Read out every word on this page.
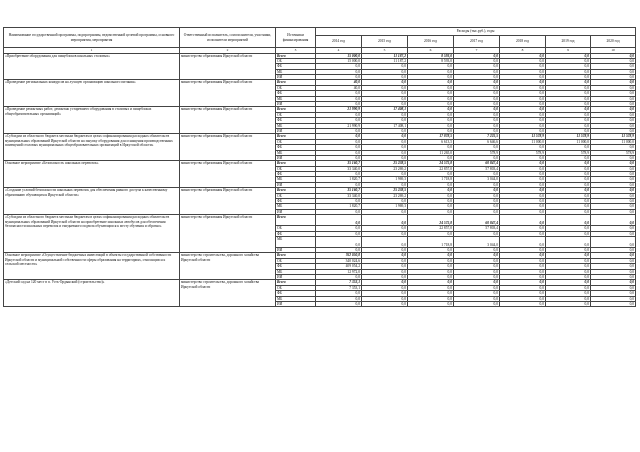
Наименование государственной программы, подпрограммы, ведомственной целевой программы, основного мероприятия, мероприятия	Ответственный исполнитель, соисполнители, участники, исполнители мероприятий	Источники финансирования	Расходы (тыс.руб.), годы						
			2014 год	2015 год	2016 год	2017 год	2018 год	2019 год	2020 год
1	2	3	4	5	6	7	8	9	10
«Приобретение оборудования для пищеблоков школьных столовых»	министерство образования Иркутской области	Всего	15 000,0	11 187,2	8 593,0	0,0	0,0	0,0	0,0
		ОБ	15 000,0	11 187,2	8 593,0	0,0	0,0	0,0	0,0
		ФБ	0,0	0,0	0,0	0,0	0,0	0,0	0,0
		МБ	0,0	0,0	0,0	0,0	0,0	0,0	0,0
		ИИ	0,0	0,0	0,0	0,0	0,0	0,0	0,0
«Проведение региональных конкурсов на лучшую организацию школьного питания»	министерство образования Иркутской области	Всего	40,0	0,0	0,0	0,0	0,0	0,0	0,0
		ОБ	40,0	0,0	0,0	0,0	0,0	0,0	0,0
		ФБ	0,0	0,0	0,0	0,0	0,0	0,0	0,0
		МБ	0,0	0,0	0,0	0,0	0,0	0,0	0,0
		ИИ	0,0	0,0	0,0	0,0	0,0	0,0	0,0
«Проведение ремонтных работ, демонтаж устаревшего оборудования в столовых и пищеблоках общеобразовательных организаций»	министерство образования Иркутской области	Всего	21 990,9	17 408,1	0,0	0,0	0,0	0,0	0,0
		ОБ	0,0	0,0	0,0	0,0	0,0	0,0	0,0
		ФБ	0,0	0,0	0,0	0,0	0,0	0,0	0,0
		МБ	21 990,9	17 408,1	0,0	0,0	0,0	0,0	0,0
		ИИ	0,0	0,0	0,0	0,0	0,0	0,0	0,0
«Субсидии из областного бюджета местным бюджетам в целях софинансирования расходных обязательств муниципальных образований Иркутской области на закупку оборудования для оснащения производственных помещений столовых муниципальных общеобразовательных организаций в Иркутской области»	министерство образования Иркутской области	Всего	0,0	0,0	17 878,5	7 225,5	11 578,9	11 578,9	11 578,9
		ОБ	0,0	0,0	6 613,5	6 646,6	11 000,0	11 000,0	11 000,0
		ФБ	0,0	0,0	0,0	0,0	0,0	0,0	0,0
		МБ	0,0	0,0	11 265,0	578,9	578,9	578,9	578,9
		ИИ	0,0	0,0	0,0	0,0	0,0	0,0	0,0
Основное мероприятие «Безопасность школьных перевозок»	министерство образования Иркутской области	Всего	35 160,7	25 238,5	24 575,8	60 847,4	0,0	0,0	0,0
		ОБ	33 340,0	23 269,2	22 857,0	57 803,4	0,0	0,0	0,0
		ФБ	0,0	0,0	0,0	0,0	0,0	0,0	0,0
		МБ	1 820,7	1 969,3	1 718,8	3 044,0	0,0	0,0	0,0
		ИИ	0,0	0,0	0,0	0,0	0,0	0,0	0,0
«Создание условий безопасности школьных перевозок для обеспечения равного доступа к качественному образованию обучающихся Иркутской области»	министерство образования Иркутской области	Всего	35 160,7	25 238,5	0,0	0,0	0,0	0,0	0,0
		ОБ	33 340,0	23 269,2	0,0	0,0	0,0	0,0	0,0
		ФБ	0,0	0,0	0,0	0,0	0,0	0,0	0,0
		МБ	1 820,7	1 969,3	0,0	0,0	0,0	0,0	0,0
		ИИ	0,0	0,0	0,0	0,0	0,0	0,0	0,0
«Субсидии из областного бюджета местным бюджетам в целях софинансирования расходных обязательств муниципальных образований Иркутской области на приобретение школьных автобусов для обеспечения безопасности школьных перевозок и ежедневного подвоза обучающихся к месту обучения и обратно»	министерство образования Иркутской области	Всего	0,0	0,0	24 575,8	60 847,4	0,0	0,0	0,0
		ОБ	0,0	0,0	22 857,0	57 803,4	0,0	0,0	0,0
		ФБ	0,0	0,0	0,0	0,0	0,0	0,0	0,0
		МБ	0,0	0,0	1 718,8	3 044,0	0,0	0,0	0,0
		ИИ	0,0	0,0	0,0	0,0	0,0	0,0	0,0
Основное мероприятие «Осуществление бюджетных инвестиций в объекты государственной собственности Иркутской области и муниципальной собственности сферы образования на территориях, относящихся к сельской местности»	министерство строительства, дорожного хозяйства Иркутской области	Всего	762 050,8	0,0	0,0	0,0	0,0	0,0	0,0
		ОБ	340 024,6	0,0	0,0	0,0	0,0	0,0	0,0
		ФБ	409 054,2	0,0	0,0	0,0	0,0	0,0	0,0
		МБ	12 972,0	0,0	0,0	0,0	0,0	0,0	0,0
		ИИ	0,0	0,0	0,0	0,0	0,0	0,0	0,0
«Детский сад на 120 мест в п. Усть-Ордынский (строительство)»	министерство строительства, дорожного хозяйства Иркутской области	Всего	7 353,1	0,0	0,0	0,0	0,0	0,0	0,0
		ОБ	7 353,1	0,0	0,0	0,0	0,0	0,0	0,0
		ФБ	0,0	0,0	0,0	0,0	0,0	0,0	0,0
		МБ	0,0	0,0	0,0	0,0	0,0	0,0	0,0
		ИИ	0,0	0,0	0,0	0,0	0,0	0,0	0,0
